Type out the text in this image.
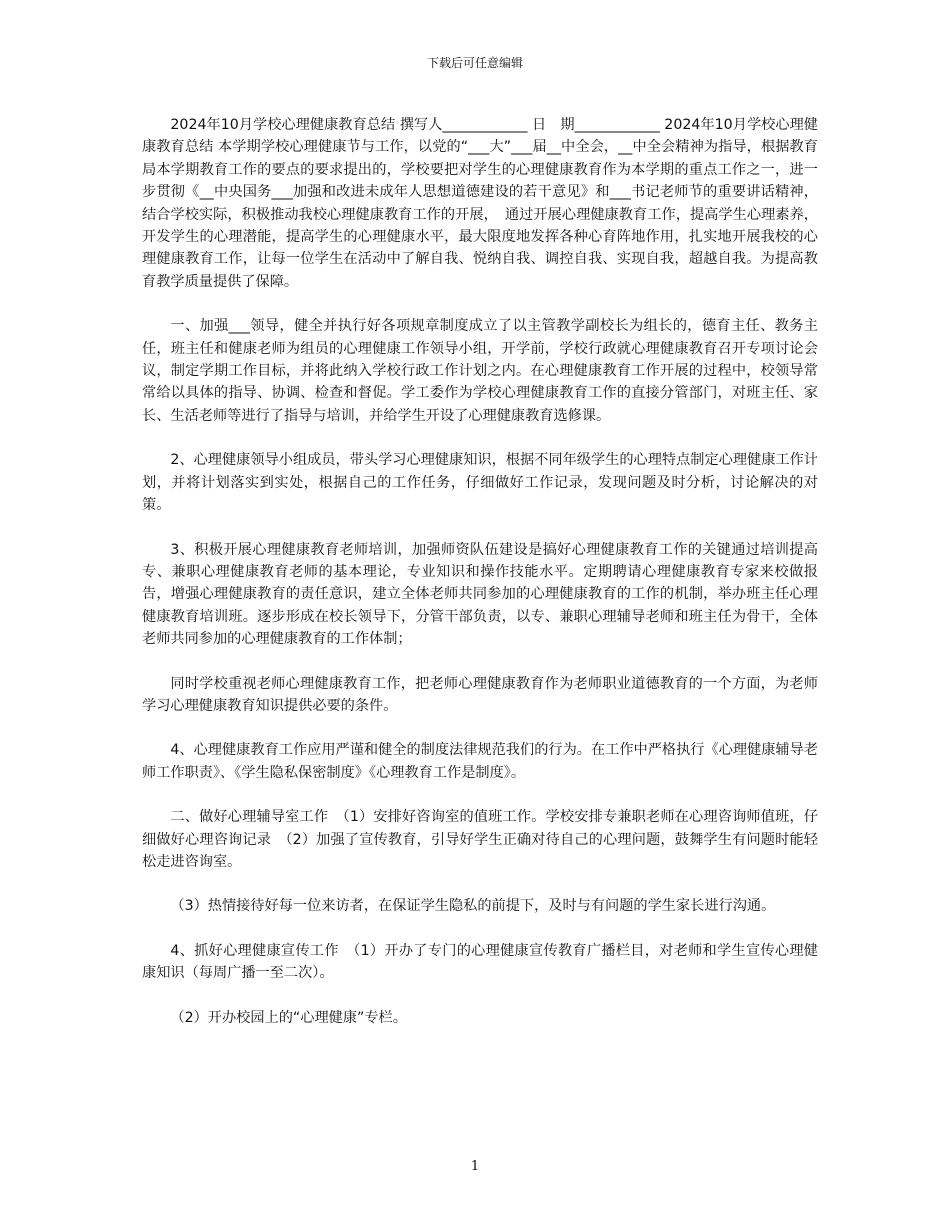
下载后可任意编辑

2024年10月学校心理健康教育总结 撰写人____________ 日　期____________ 2024年10月学校心理健康教育总结 本学期学校心理健康节与工作，以党的“___大”___届__中全会，__中全会精神为指导，根据教育局本学期教育工作的要点的要求提出的，学校要把对学生的心理健康教育作为本学期的重点工作之一，进一步贯彻《__中央国务___加强和改进未成年人思想道德建设的若干意见》和___书记老师节的重要讲话精神，结合学校实际，积极推动我校心理健康教育工作的开展，　通过开展心理健康教育工作，提高学生心理素养，开发学生的心理潜能，提高学生的心理健康水平，最大限度地发挥各种心育阵地作用，扎实地开展我校的心理健康教育工作，让每一位学生在活动中了解自我、悦纳自我、调控自我、实现自我，超越自我。为提高教育教学质量提供了保障。

一、加强___领导，健全并执行好各项规章制度成立了以主管教学副校长为组长的，德育主任、教务主任，班主任和健康老师为组员的心理健康工作领导小组，开学前，学校行政就心理健康教育召开专项讨论会议，制定学期工作目标，并将此纳入学校行政工作计划之内。在心理健康教育工作开展的过程中，校领导常常给以具体的指导、协调、检查和督促。学工委作为学校心理健康教育工作的直接分管部门，对班主任、家长、生活老师等进行了指导与培训，并给学生开设了心理健康教育选修课。

2、心理健康领导小组成员，带头学习心理健康知识，根据不同年级学生的心理特点制定心理健康工作计划，并将计划落实到实处，根据自己的工作任务，仔细做好工作记录，发现问题及时分析，讨论解决的对策。

3、积极开展心理健康教育老师培训，加强师资队伍建设是搞好心理健康教育工作的关键通过培训提高专、兼职心理健康教育老师的基本理论，专业知识和操作技能水平。定期聘请心理健康教育专家来校做报告，增强心理健康教育的责任意识，建立全体老师共同参加的心理健康教育的工作的机制，举办班主任心理健康教育培训班。逐步形成在校长领导下，分管干部负责，以专、兼职心理辅导老师和班主任为骨干，全体老师共同参加的心理健康教育的工作体制；

同时学校重视老师心理健康教育工作，把老师心理健康教育作为老师职业道德教育的一个方面，为老师学习心理健康教育知识提供必要的条件。

4、心理健康教育工作应用严谨和健全的制度法律规范我们的行为。在工作中严格执行《心理健康辅导老师工作职责》、《学生隐私保密制度》《心理教育工作是制度》。

二、做好心理辅导室工作　（1）安排好咨询室的值班工作。学校安排专兼职老师在心理咨询师值班，仔细做好心理咨询记录　（2）加强了宣传教育，引导好学生正确对待自己的心理问题，鼓舞学生有问题时能轻松走进咨询室。

（3）热情接待好每一位来访者，在保证学生隐私的前提下，及时与有问题的学生家长进行沟通。

4、抓好心理健康宣传工作　（1）开办了专门的心理健康宣传教育广播栏目，对老师和学生宣传心理健康知识（每周广播一至二次）。

（2）开办校园上的“心理健康”专栏。

1
